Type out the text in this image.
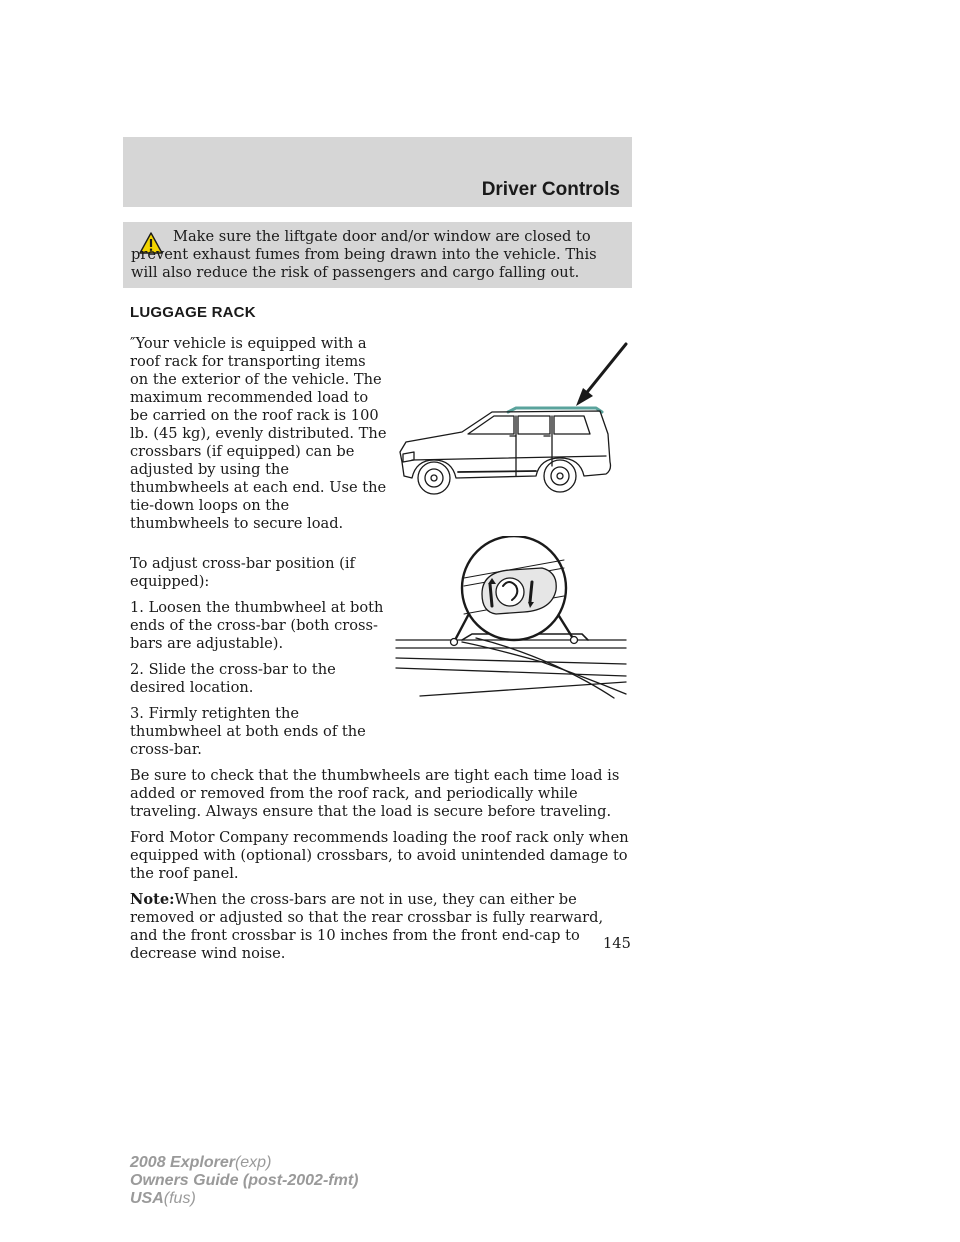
Driver Controls

Make sure the liftgate door and/or window are closed to prevent exhaust fumes from being drawn into the vehicle. This will also reduce the risk of passengers and cargo falling out.

LUGGAGE RACK

″Your vehicle is equipped with a roof rack for transporting items on the exterior of the vehicle. The maximum recommended load to be carried on the roof rack is 100 lb. (45 kg), evenly distributed. The crossbars (if equipped) can be adjusted by using the thumbwheels at each end. Use the tie-down loops on the thumbwheels to secure load.

To adjust cross-bar position (if equipped):

1. Loosen the thumbwheel at both ends of the cross-bar (both cross-bars are adjustable).

2. Slide the cross-bar to the desired location.

3. Firmly retighten the thumbwheel at both ends of the cross-bar.

Be sure to check that the thumbwheels are tight each time load is added or removed from the roof rack, and periodically while traveling. Always ensure that the load is secure before traveling.

Ford Motor Company recommends loading the roof rack only when equipped with (optional) crossbars, to avoid unintended damage to the roof panel.

Note:When the cross-bars are not in use, they can either be removed or adjusted so that the rear crossbar is fully rearward, and the front crossbar is 10 inches from the front end-cap to decrease wind noise.

145

2008 Explorer(exp)
Owners Guide (post-2002-fmt)
USA(fus)
